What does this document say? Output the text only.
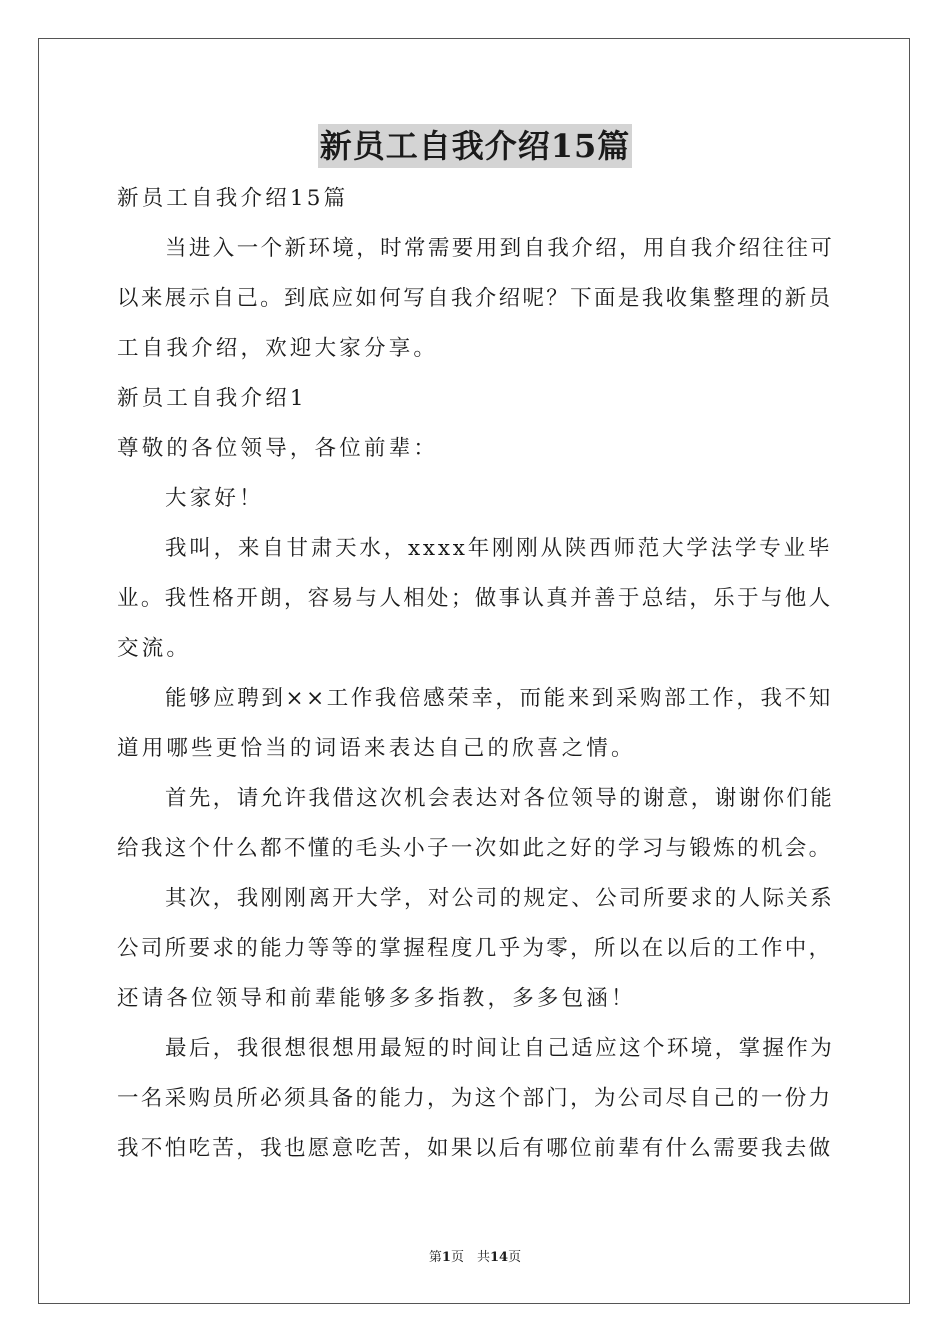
新员工自我介绍15篇
新员工自我介绍15篇
当进入一个新环境，时常需要用到自我介绍，用自我介绍往往可
以来展示自己。到底应如何写自我介绍呢？下面是我收集整理的新员
工自我介绍，欢迎大家分享。
新员工自我介绍1
尊敬的各位领导，各位前辈：
大家好！
我叫，来自甘肃天水，xxxx年刚刚从陕西师范大学法学专业毕
业。我性格开朗，容易与人相处；做事认真并善于总结，乐于与他人
交流。
能够应聘到××工作我倍感荣幸，而能来到采购部工作，我不知
道用哪些更恰当的词语来表达自己的欣喜之情。
首先，请允许我借这次机会表达对各位领导的谢意，谢谢你们能
给我这个什么都不懂的毛头小子一次如此之好的学习与锻炼的机会。
其次，我刚刚离开大学，对公司的规定、公司所要求的人际关系
公司所要求的能力等等的掌握程度几乎为零，所以在以后的工作中，
还请各位领导和前辈能够多多指教，多多包涵！
最后，我很想很想用最短的时间让自己适应这个环境，掌握作为
一名采购员所必须具备的能力，为这个部门，为公司尽自己的一份力
我不怕吃苦，我也愿意吃苦，如果以后有哪位前辈有什么需要我去做
第1页　共14页
